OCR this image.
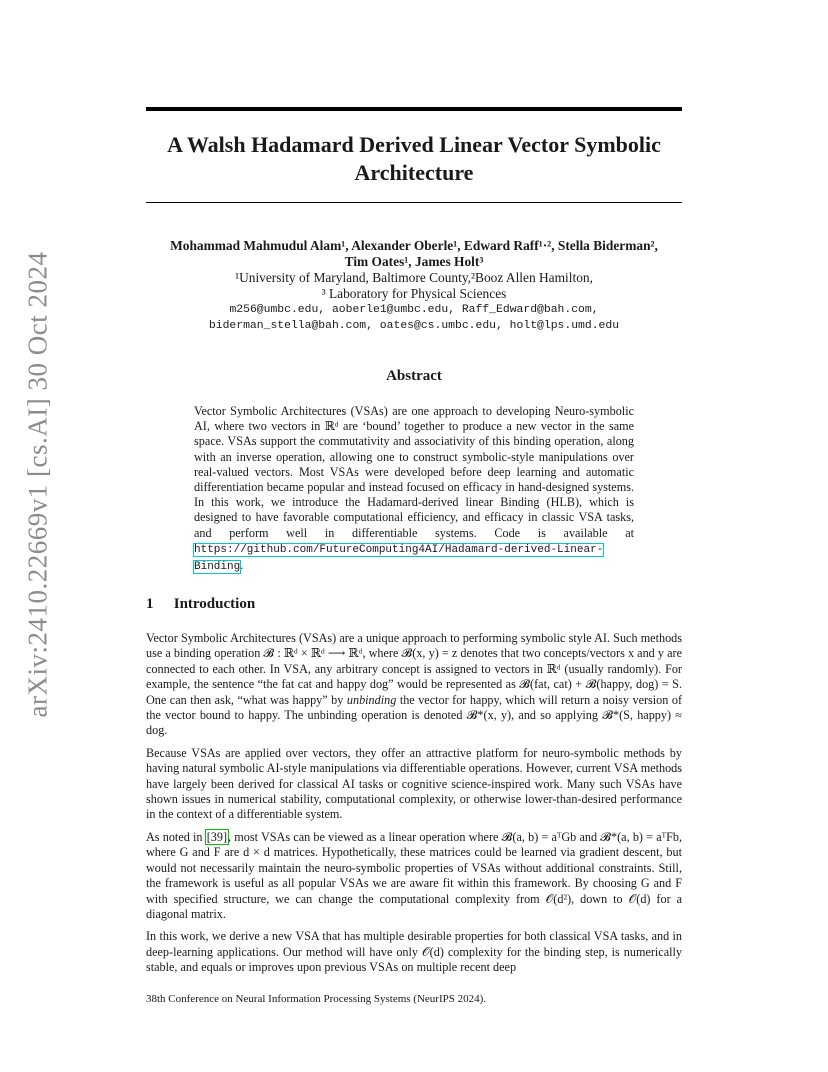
arXiv:2410.22669v1 [cs.AI] 30 Oct 2024
A Walsh Hadamard Derived Linear Vector Symbolic Architecture
Mohammad Mahmudul Alam¹, Alexander Oberle¹, Edward Raff¹·², Stella Biderman²,
Tim Oates¹, James Holt³
¹University of Maryland, Baltimore County,²Booz Allen Hamilton,
³ Laboratory for Physical Sciences
m256@umbc.edu, aoberle1@umbc.edu, Raff_Edward@bah.com,
biderman_stella@bah.com, oates@cs.umbc.edu, holt@lps.umd.edu
Abstract
Vector Symbolic Architectures (VSAs) are one approach to developing Neuro-symbolic AI, where two vectors in ℝᵈ are ‘bound’ together to produce a new vector in the same space. VSAs support the commutativity and associativity of this binding operation, along with an inverse operation, allowing one to construct symbolic-style manipulations over real-valued vectors. Most VSAs were developed before deep learning and automatic differentiation became popular and instead focused on efficacy in hand-designed systems. In this work, we introduce the Hadamard-derived linear Binding (HLB), which is designed to have favorable computational efficiency, and efficacy in classic VSA tasks, and perform well in differentiable systems. Code is available at https://github.com/FutureComputing4AI/Hadamard-derived-Linear-Binding.
1 Introduction

Vector Symbolic Architectures (VSAs) are a unique approach to performing symbolic style AI. Such methods use a binding operation 𝓑 : ℝᵈ × ℝᵈ ⟶ ℝᵈ, where 𝓑(x, y) = z denotes that two concepts/vectors x and y are connected to each other. In VSA, any arbitrary concept is assigned to vectors in ℝᵈ (usually randomly). For example, the sentence “the fat cat and happy dog” would be represented as 𝓑(fat, cat) + 𝓑(happy, dog) = S. One can then ask, “what was happy” by unbinding the vector for happy, which will return a noisy version of the vector bound to happy. The unbinding operation is denoted 𝓑*(x, y), and so applying 𝓑*(S, happy) ≈ dog.

Because VSAs are applied over vectors, they offer an attractive platform for neuro-symbolic methods by having natural symbolic AI-style manipulations via differentiable operations. However, current VSA methods have largely been derived for classical AI tasks or cognitive science-inspired work. Many such VSAs have shown issues in numerical stability, computational complexity, or otherwise lower-than-desired performance in the context of a differentiable system.

As noted in [39], most VSAs can be viewed as a linear operation where 𝓑(a, b) = aᵀGb and 𝓑*(a, b) = aᵀFb, where G and F are d × d matrices. Hypothetically, these matrices could be learned via gradient descent, but would not necessarily maintain the neuro-symbolic properties of VSAs without additional constraints. Still, the framework is useful as all popular VSAs we are aware fit within this framework. By choosing G and F with specified structure, we can change the computational complexity from 𝒪(d²), down to 𝒪(d) for a diagonal matrix.

In this work, we derive a new VSA that has multiple desirable properties for both classical VSA tasks, and in deep-learning applications. Our method will have only 𝒪(d) complexity for the binding step, is numerically stable, and equals or improves upon previous VSAs on multiple recent deep

38th Conference on Neural Information Processing Systems (NeurIPS 2024).
